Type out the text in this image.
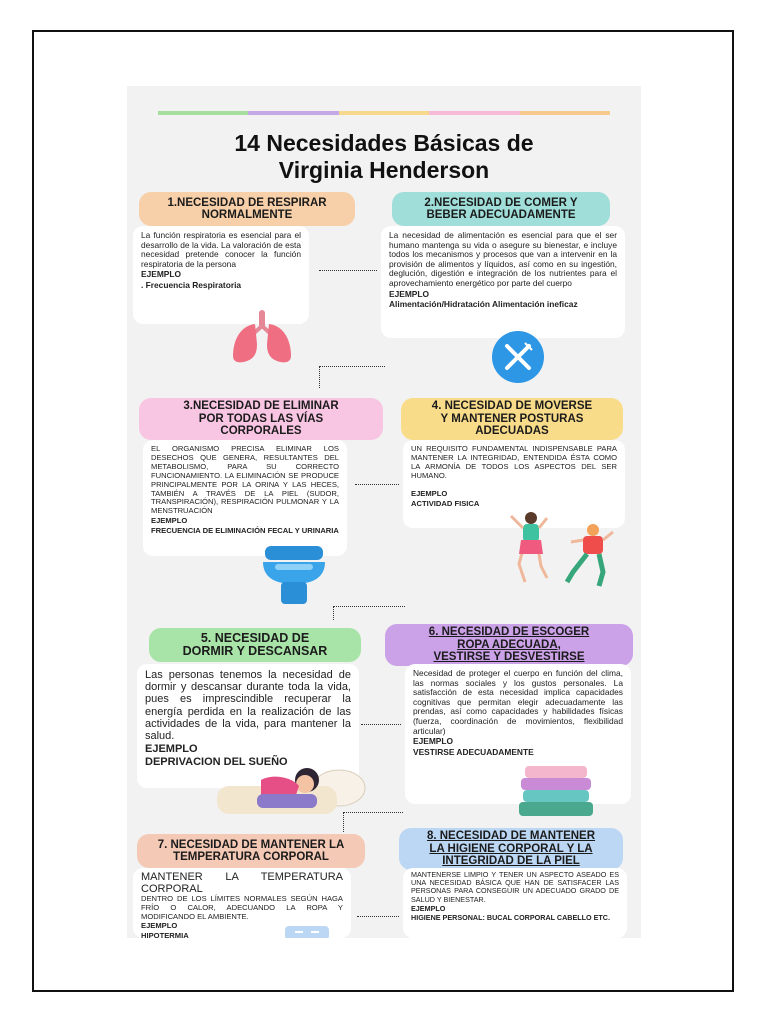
14 Necesidades Básicas de
Virginia Henderson
1.NECESIDAD DE RESPIRAR
NORMALMENTE

La función respiratoria es esencial para el desarrollo de la vida. La valoración de esta necesidad pretende conocer la función respiratoria de la persona

EJEMPLO
. Frecuencia Respiratoria
2.NECESIDAD DE COMER Y
BEBER ADECUADAMENTE

La necesidad de alimentación es esencial para que el ser humano mantenga su vida o asegure su bienestar, e incluye todos los mecanismos y procesos que van a intervenir en la provisión de alimentos y líquidos, así como en su ingestión, deglución, digestión e integración de los nutrientes para el aprovechamiento energético por parte del cuerpo

EJEMPLO
Alimentación/Hidratación Alimentación ineficaz
3.NECESIDAD DE ELIMINAR
POR TODAS LAS VÍAS
CORPORALES

EL ORGANISMO PRECISA ELIMINAR LOS DESECHOS QUE GENERA, RESULTANTES DEL METABOLISMO, PARA SU CORRECTO FUNCIONAMIENTO. LA ELIMINACIÓN SE PRODUCE PRINCIPALMENTE POR LA ORINA Y LAS HECES, TAMBIÉN A TRAVÉS DE LA PIEL (SUDOR, TRANSPIRACIÓN), RESPIRACIÓN PULMONAR Y LA MENSTRUACIÓN

EJEMPLO
FRECUENCIA DE ELIMINACIÓN FECAL Y URINARIA
4. NECESIDAD DE MOVERSE
Y MANTENER POSTURAS
ADECUADAS

UN REQUISITO FUNDAMENTAL INDISPENSABLE PARA MANTENER LA INTEGRIDAD, ENTENDIDA ÉSTA COMO LA ARMONÍA DE TODOS LOS ASPECTOS DEL SER HUMANO.

EJEMPLO
ACTIVIDAD FISICA
5. NECESIDAD DE
DORMIR Y DESCANSAR

Las personas tenemos la necesidad de dormir y descansar durante toda la vida, pues es imprescindible recuperar la energía perdida en la realización de las actividades de la vida, para mantener la salud.

EJEMPLO
DEPRIVACION DEL SUEÑO
6. NECESIDAD DE ESCOGER
ROPA ADECUADA,
VESTIRSE Y DESVESTIRSE

Necesidad de proteger el cuerpo en función del clima, las normas sociales y los gustos personales. La satisfacción de esta necesidad implica capacidades cognitivas que permitan elegir adecuadamente las prendas, así como capacidades y habilidades físicas (fuerza, coordinación de movimientos, flexibilidad articular)

EJEMPLO
VESTIRSE ADECUADAMENTE
7. NECESIDAD DE MANTENER LA
TEMPERATURA CORPORAL
MANTENER LA TEMPERATURA CORPORAL

DENTRO DE LOS LÍMITES NORMALES SEGÚN HAGA FRÍO O CALOR, ADECUANDO LA ROPA Y MODIFICANDO EL AMBIENTE.

EJEMPLO
HIPOTERMIA
8. NECESIDAD DE MANTENER
LA HIGIENE CORPORAL Y LA
INTEGRIDAD DE LA PIEL

MANTENERSE LIMPIO Y TENER UN ASPECTO ASEADO ES UNA NECESIDAD BÁSICA QUE HAN DE SATISFACER LAS PERSONAS PARA CONSEGUIR UN ADECUADO GRADO DE SALUD Y BIENESTAR.

EJEMPLO
HIGIENE PERSONAL: BUCAL CORPORAL CABELLO ETC.
